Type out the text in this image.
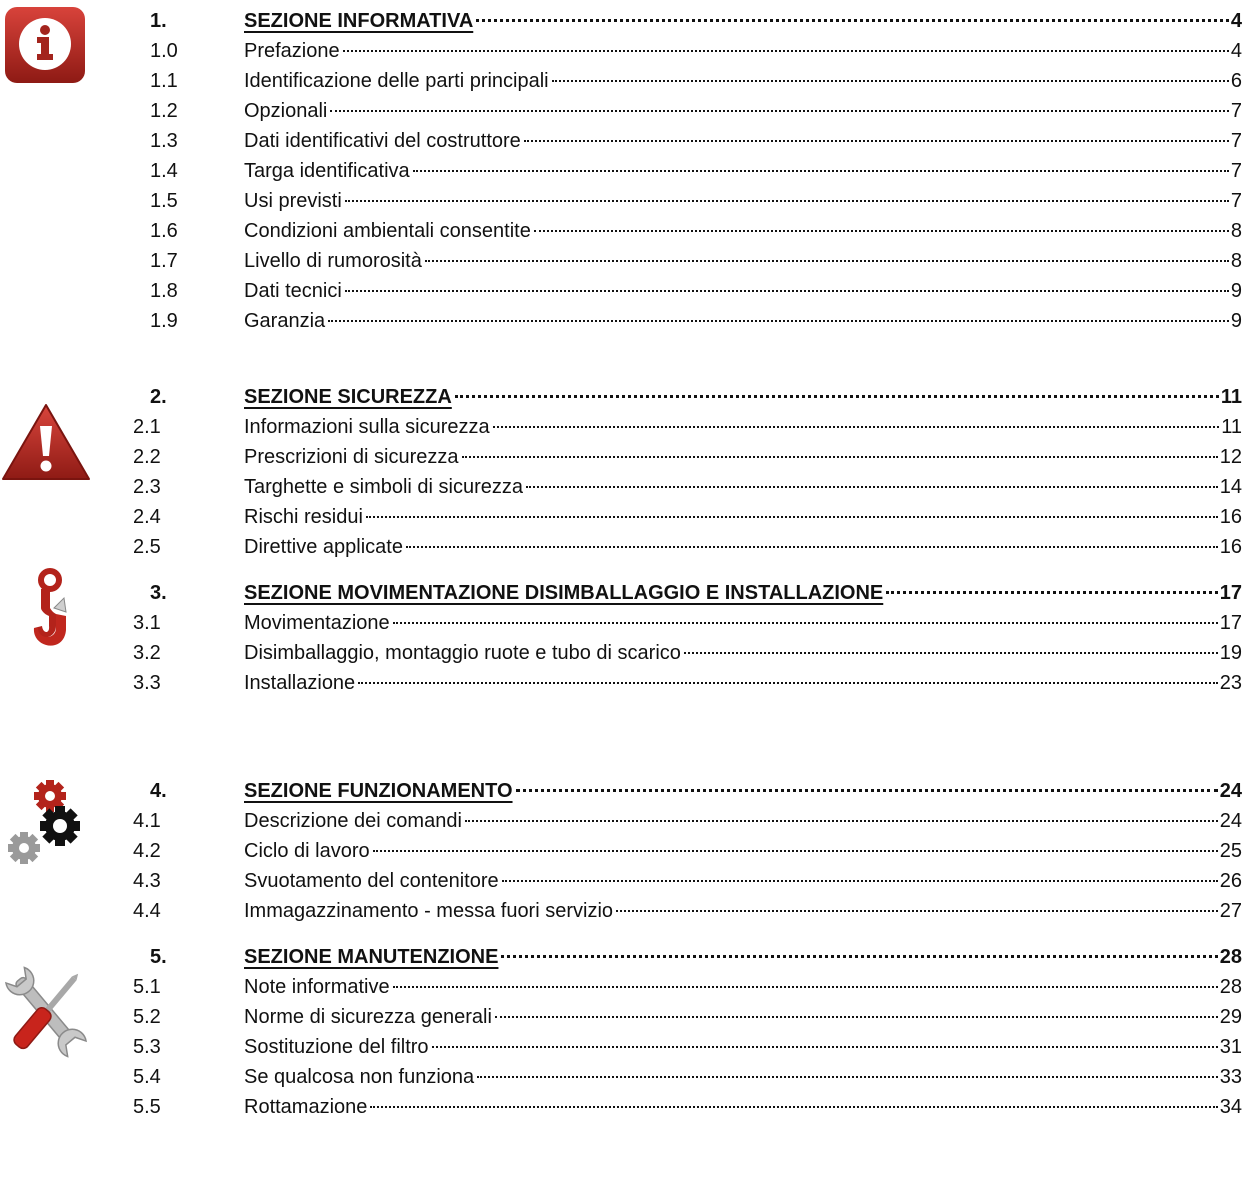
1.	SEZIONE INFORMATIVA	4
1.0	Prefazione	4
1.1	Identificazione delle parti principali	6
1.2	Opzionali	7
1.3	Dati identificativi del costruttore	7
1.4	Targa identificativa	7
1.5	Usi previsti	7
1.6	Condizioni ambientali consentite	8
1.7	Livello di rumorosità	8
1.8	Dati tecnici	9
1.9	Garanzia	9
2.	SEZIONE SICUREZZA	11
2.1	Informazioni sulla sicurezza	11
2.2	Prescrizioni di sicurezza	12
2.3	Targhette e simboli di sicurezza	14
2.4	Rischi residui	16
2.5	Direttive applicate	16
3.	SEZIONE MOVIMENTAZIONE DISIMBALLAGGIO E INSTALLAZIONE	17
3.1	Movimentazione	17
3.2	Disimballaggio, montaggio ruote e tubo di scarico	19
3.3	Installazione	23
4.	SEZIONE FUNZIONAMENTO	24
4.1	Descrizione dei comandi	24
4.2	Ciclo di lavoro	25
4.3	Svuotamento del contenitore	26
4.4	Immagazzinamento - messa fuori servizio	27
5.	SEZIONE MANUTENZIONE	28
5.1	Note informative	28
5.2	Norme di sicurezza generali	29
5.3	Sostituzione del filtro	31
5.4	Se qualcosa non funziona	33
5.5	Rottamazione	34
